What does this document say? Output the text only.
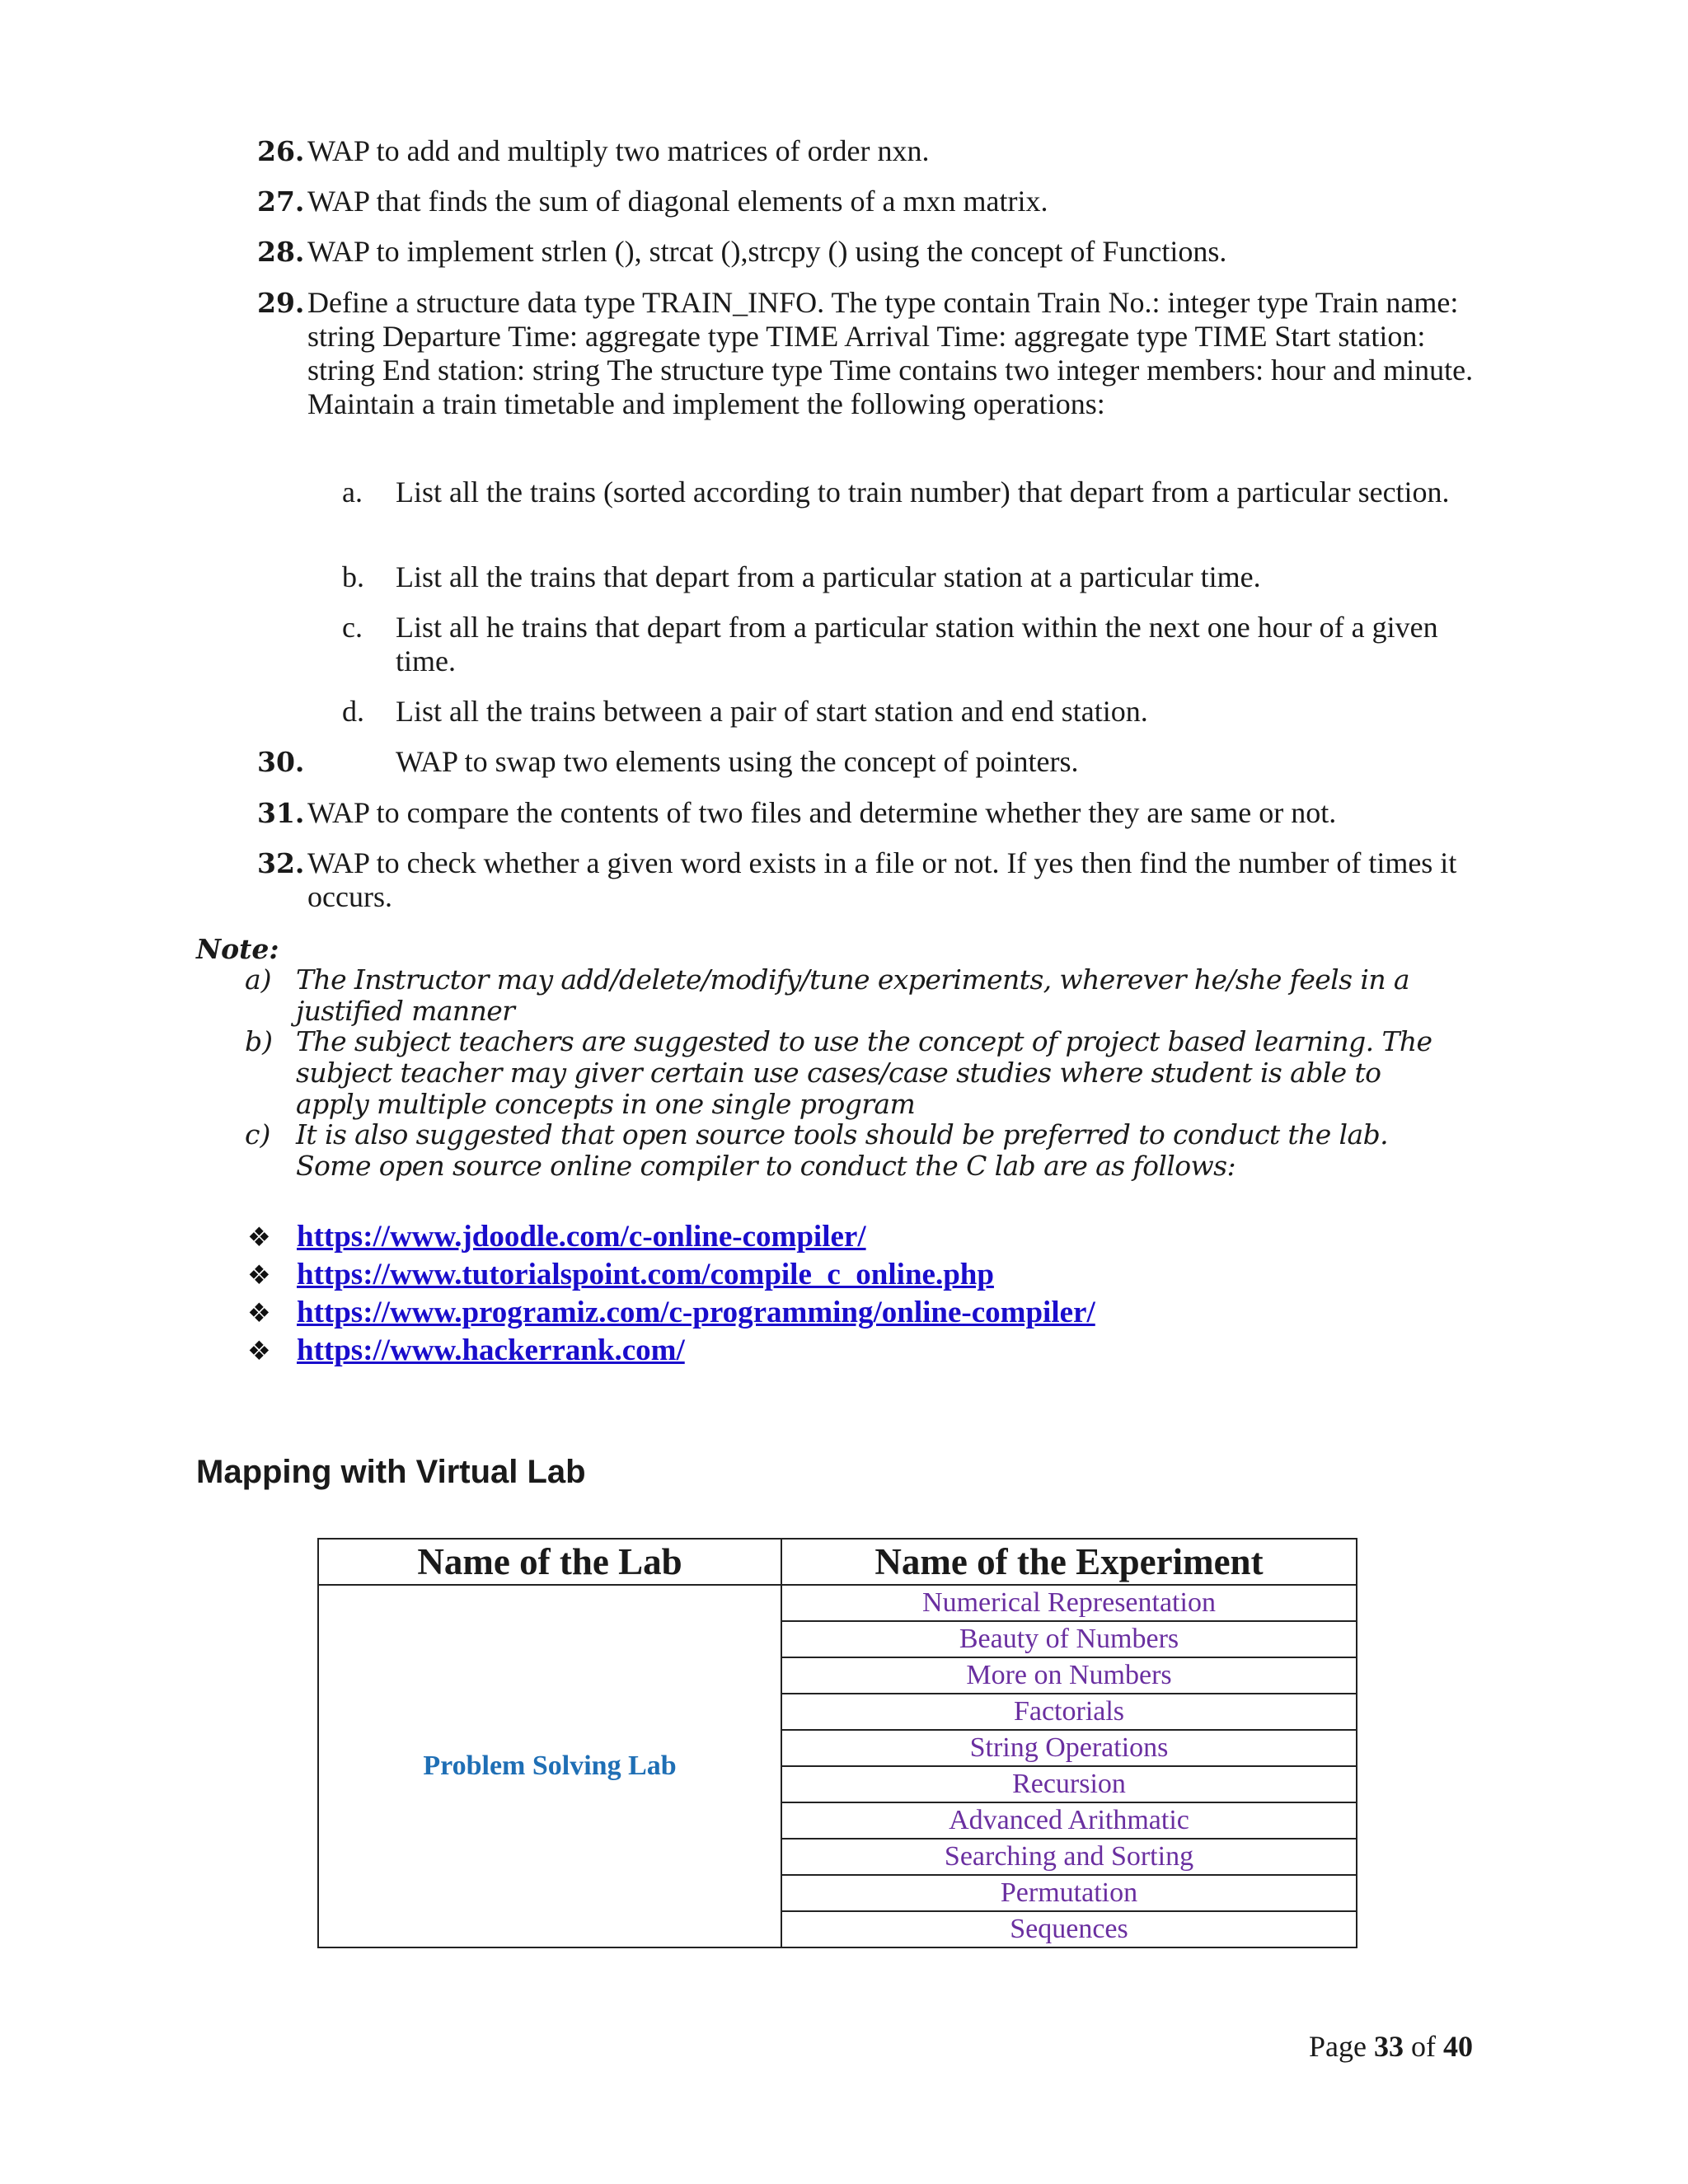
26. WAP to add and multiply two matrices of order nxn.
27. WAP that finds the sum of diagonal elements of a mxn matrix.
28. WAP to implement strlen (), strcat (),strcpy () using the concept of Functions.
29. Define a structure data type TRAIN_INFO. The type contain Train No.: integer type Train name: string Departure Time: aggregate type TIME Arrival Time: aggregate type TIME Start station: string End station: string The structure type Time contains two integer members: hour and minute. Maintain a train timetable and implement the following operations:
a. List all the trains (sorted according to train number) that depart from a particular section.
b. List all the trains that depart from a particular station at a particular time.
c. List all he trains that depart from a particular station within the next one hour of a given time.
d. List all the trains between a pair of start station and end station.
30.	WAP to swap two elements using the concept of pointers.
31. WAP to compare the contents of two files and determine whether they are same or not.
32. WAP to check whether a given word exists in a file or not. If yes then find the number of times it occurs.
Note:
a) The Instructor may add/delete/modify/tune experiments, wherever he/she feels in a justified manner
b) The subject teachers are suggested to use the concept of project based learning. The subject teacher may giver certain use cases/case studies where student is able to apply multiple concepts in one single program
c) It is also suggested that open source tools should be preferred to conduct the lab. Some open source online compiler to conduct the C lab are as follows:
❖ https://www.jdoodle.com/c-online-compiler/
❖ https://www.tutorialspoint.com/compile_c_online.php
❖ https://www.programiz.com/c-programming/online-compiler/
❖ https://www.hackerrank.com/
Mapping with Virtual Lab
Name of the Lab	Name of the Experiment
Problem Solving Lab	Numerical Representation
	Beauty of Numbers
	More on Numbers
	Factorials
	String Operations
	Recursion
	Advanced Arithmatic
	Searching and Sorting
	Permutation
	Sequences
Page 33 of 40
